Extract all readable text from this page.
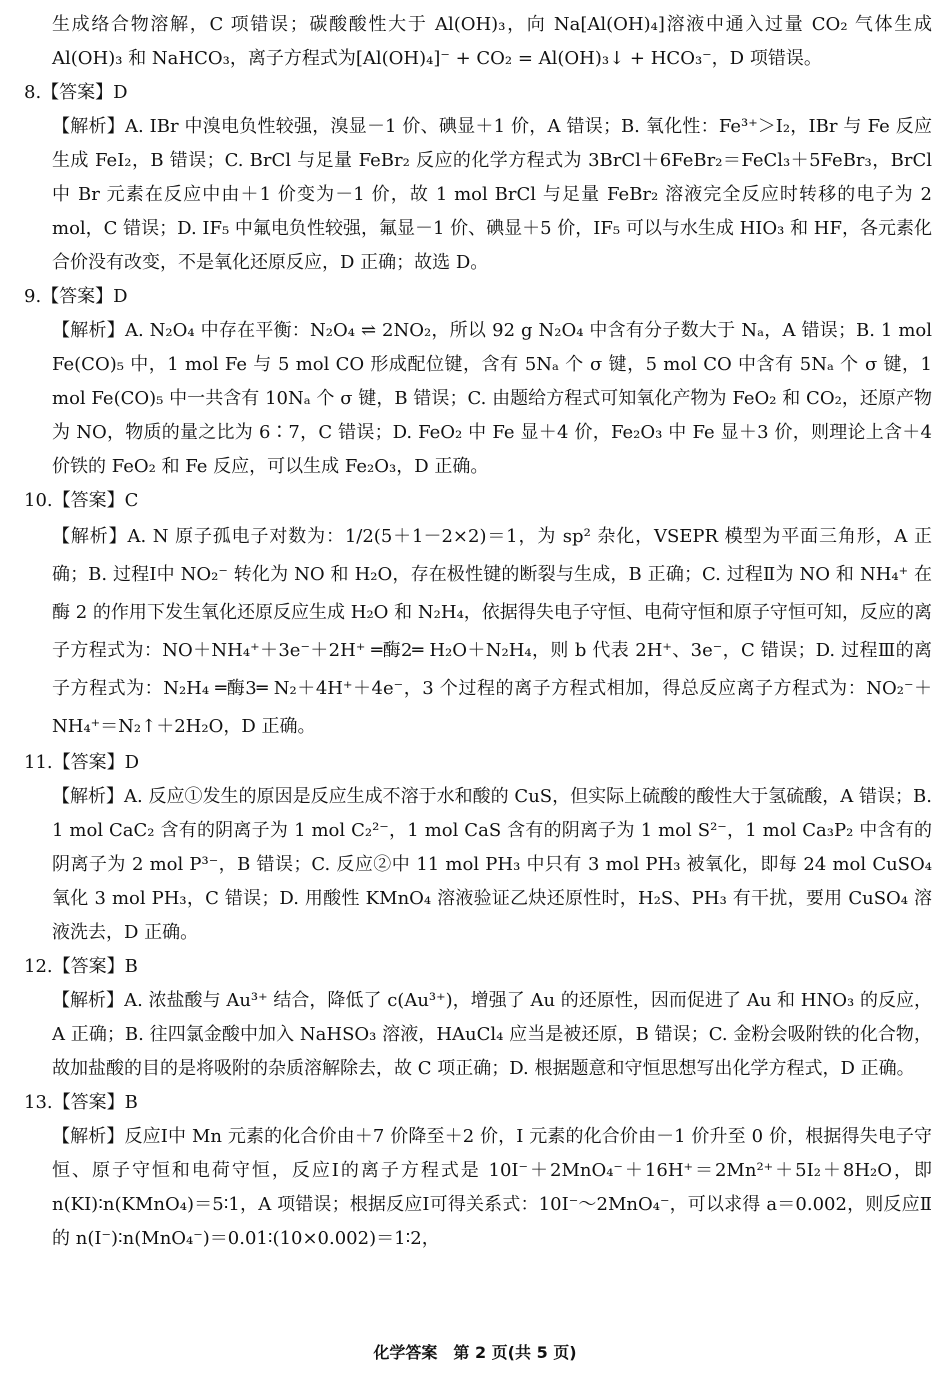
生成络合物溶解，C 项错误；碳酸酸性大于 Al(OH)₃，向 Na[Al(OH)₄]溶液中通入过量 CO₂ 气体生成 Al(OH)₃ 和 NaHCO₃，离子方程式为[Al(OH)₄]⁻ + CO₂ = Al(OH)₃↓ + HCO₃⁻，D 项错误。

8.【答案】D

【解析】A. IBr 中溴电负性较强，溴显－1 价、碘显＋1 价，A 错误；B. 氧化性：Fe³⁺＞I₂，IBr 与 Fe 反应生成 FeI₂，B 错误；C. BrCl 与足量 FeBr₂ 反应的化学方程式为 3BrCl＋6FeBr₂＝FeCl₃＋5FeBr₃，BrCl 中 Br 元素在反应中由＋1 价变为－1 价，故 1 mol BrCl 与足量 FeBr₂ 溶液完全反应时转移的电子为 2 mol，C 错误；D. IF₅ 中氟电负性较强，氟显－1 价、碘显＋5 价，IF₅ 可以与水生成 HIO₃ 和 HF，各元素化合价没有改变，不是氧化还原反应，D 正确；故选 D。

9.【答案】D

【解析】A. N₂O₄ 中存在平衡：N₂O₄ ⇌ 2NO₂，所以 92 g N₂O₄ 中含有分子数大于 Nₐ，A 错误；B. 1 mol Fe(CO)₅ 中，1 mol Fe 与 5 mol CO 形成配位键，含有 5Nₐ 个 σ 键，5 mol CO 中含有 5Nₐ 个 σ 键，1 mol Fe(CO)₅ 中一共含有 10Nₐ 个 σ 键，B 错误；C. 由题给方程式可知氧化产物为 FeO₂ 和 CO₂，还原产物为 NO，物质的量之比为 6∶7，C 错误；D. FeO₂ 中 Fe 显＋4 价，Fe₂O₃ 中 Fe 显＋3 价，则理论上含＋4 价铁的 FeO₂ 和 Fe 反应，可以生成 Fe₂O₃，D 正确。

10.【答案】C

【解析】A. N 原子孤电子对数为：1/2(5＋1－2×2)＝1，为 sp² 杂化，VSEPR 模型为平面三角形，A 正确；B. 过程Ⅰ中 NO₂⁻ 转化为 NO 和 H₂O，存在极性键的断裂与生成，B 正确；C. 过程Ⅱ为 NO 和 NH₄⁺ 在酶 2 的作用下发生氧化还原反应生成 H₂O 和 N₂H₄，依据得失电子守恒、电荷守恒和原子守恒可知，反应的离子方程式为：NO＋NH₄⁺＋3e⁻＋2H⁺ ═酶2═ H₂O＋N₂H₄，则 b 代表 2H⁺、3e⁻，C 错误；D. 过程Ⅲ的离子方程式为：N₂H₄ ═酶3═ N₂＋4H⁺＋4e⁻，3 个过程的离子方程式相加，得总反应离子方程式为：NO₂⁻＋NH₄⁺＝N₂↑＋2H₂O，D 正确。

11.【答案】D

【解析】A. 反应①发生的原因是反应生成不溶于水和酸的 CuS，但实际上硫酸的酸性大于氢硫酸，A 错误；B. 1 mol CaC₂ 含有的阴离子为 1 mol C₂²⁻，1 mol CaS 含有的阴离子为 1 mol S²⁻，1 mol Ca₃P₂ 中含有的阴离子为 2 mol P³⁻，B 错误；C. 反应②中 11 mol PH₃ 中只有 3 mol PH₃ 被氧化，即每 24 mol CuSO₄ 氧化 3 mol PH₃，C 错误；D. 用酸性 KMnO₄ 溶液验证乙炔还原性时，H₂S、PH₃ 有干扰，要用 CuSO₄ 溶液洗去，D 正确。

12.【答案】B

【解析】A. 浓盐酸与 Au³⁺ 结合，降低了 c(Au³⁺)，增强了 Au 的还原性，因而促进了 Au 和 HNO₃ 的反应，A 正确；B. 往四氯金酸中加入 NaHSO₃ 溶液，HAuCl₄ 应当是被还原，B 错误；C. 金粉会吸附铁的化合物，故加盐酸的目的是将吸附的杂质溶解除去，故 C 项正确；D. 根据题意和守恒思想写出化学方程式，D 正确。

13.【答案】B

【解析】反应Ⅰ中 Mn 元素的化合价由＋7 价降至＋2 价，I 元素的化合价由－1 价升至 0 价，根据得失电子守恒、原子守恒和电荷守恒，反应Ⅰ的离子方程式是 10I⁻＋2MnO₄⁻＋16H⁺＝2Mn²⁺＋5I₂＋8H₂O，即 n(KI)∶n(KMnO₄)＝5∶1，A 项错误；根据反应Ⅰ可得关系式：10I⁻～2MnO₄⁻，可以求得 a＝0.002，则反应Ⅱ的 n(I⁻)∶n(MnO₄⁻)＝0.01∶(10×0.002)＝1∶2，

化学答案　第 2 页(共 5 页)
